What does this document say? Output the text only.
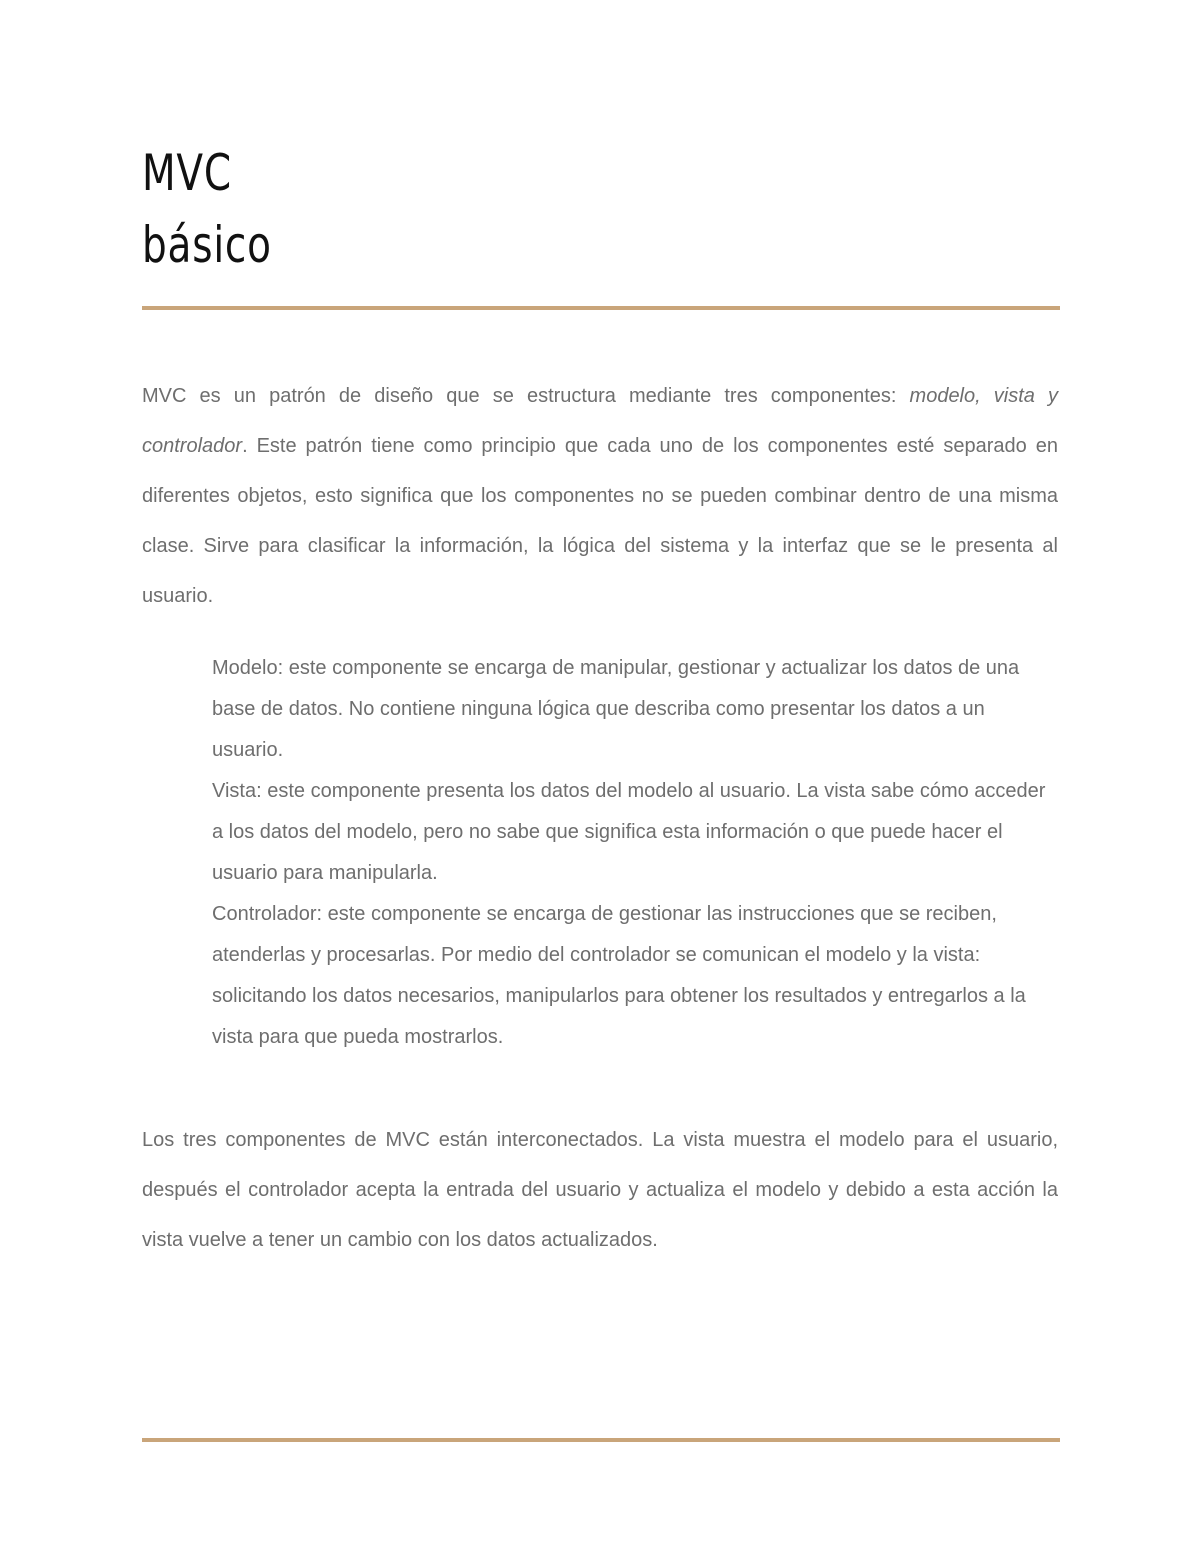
MVC
básico

MVC es un patrón de diseño que se estructura mediante tres componentes: modelo, vista y controlador. Este patrón tiene como principio que cada uno de los componentes esté separado en diferentes objetos, esto significa que los componentes no se pueden combinar dentro de una misma clase. Sirve para clasificar la información, la lógica del sistema y la interfaz que se le presenta al usuario.

Modelo: este componente se encarga de manipular, gestionar y actualizar los datos de una base de datos. No contiene ninguna lógica que describa como presentar los datos a un usuario.
Vista: este componente presenta los datos del modelo al usuario. La vista sabe cómo acceder a los datos del modelo, pero no sabe que significa esta información o que puede hacer el usuario para manipularla.
Controlador: este componente se encarga de gestionar las instrucciones que se reciben, atenderlas y procesarlas. Por medio del controlador se comunican el modelo y la vista: solicitando los datos necesarios, manipularlos para obtener los resultados y entregarlos a la vista para que pueda mostrarlos.

Los tres componentes de MVC están interconectados. La vista muestra el modelo para el usuario, después el controlador acepta la entrada del usuario y actualiza el modelo y debido a esta acción la vista vuelve a tener un cambio con los datos actualizados.
